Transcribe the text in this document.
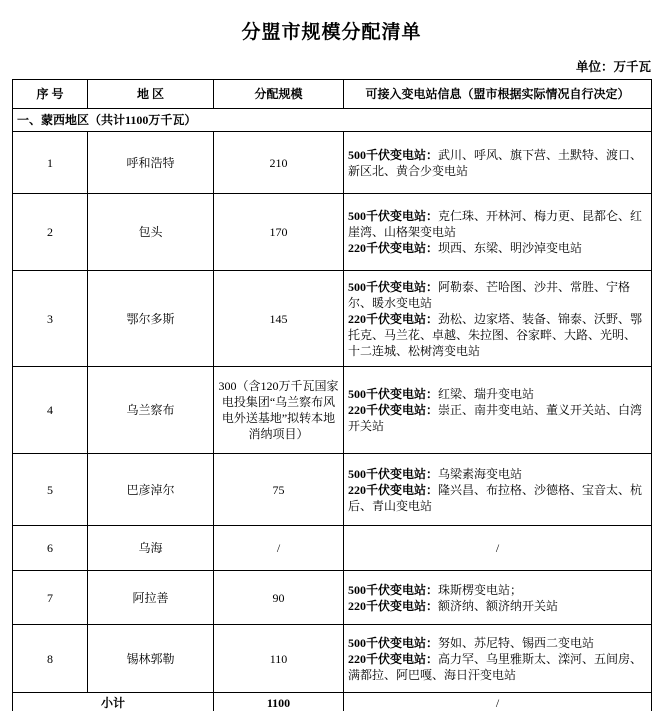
分盟市规模分配清单
单位：万千瓦
序 号	地 区	分配规模	可接入变电站信息（盟市根据实际情况自行决定）
一、蒙西地区（共计1100万千瓦）			
1	呼和浩特	210	500千伏变电站：武川、呼风、旗下营、土默特、渡口、新区北、黄合少变电站

2	包头	170	500千伏变电站：克仁珠、开林河、梅力更、昆都仑、红崖湾、山格架变电站
220千伏变电站：坝西、东梁、明沙淖变电站

3	鄂尔多斯	145	500千伏变电站：阿勒泰、芒哈图、沙井、常胜、宁格尔、暖水变电站
220千伏变电站：劲松、边家塔、装备、锦泰、沃野、鄂托克、马兰花、卓越、朱拉图、谷家畔、大路、光明、十二连城、松树湾变电站

4	乌兰察布	300（含120万千瓦国家电投集团“乌兰察布风电外送基地”拟转本地消纳项目）	500千伏变电站：红梁、瑞升变电站
220千伏变电站：崇正、南井变电站、董义开关站、白湾开关站

5	巴彦淖尔	75	500千伏变电站：乌梁素海变电站
220千伏变电站：隆兴昌、布拉格、沙德格、宝音太、杭后、青山变电站

6	乌海	/	/
7	阿拉善	90	500千伏变电站：珠斯楞变电站；
220千伏变电站：额济纳、额济纳开关站

8	锡林郭勒	110	500千伏变电站：努如、苏尼特、锡西二变电站
220千伏变电站：高力罕、乌里雅斯太、滦河、五间房、满都拉、阿巴嘎、海日汗变电站

小计		1100	/
